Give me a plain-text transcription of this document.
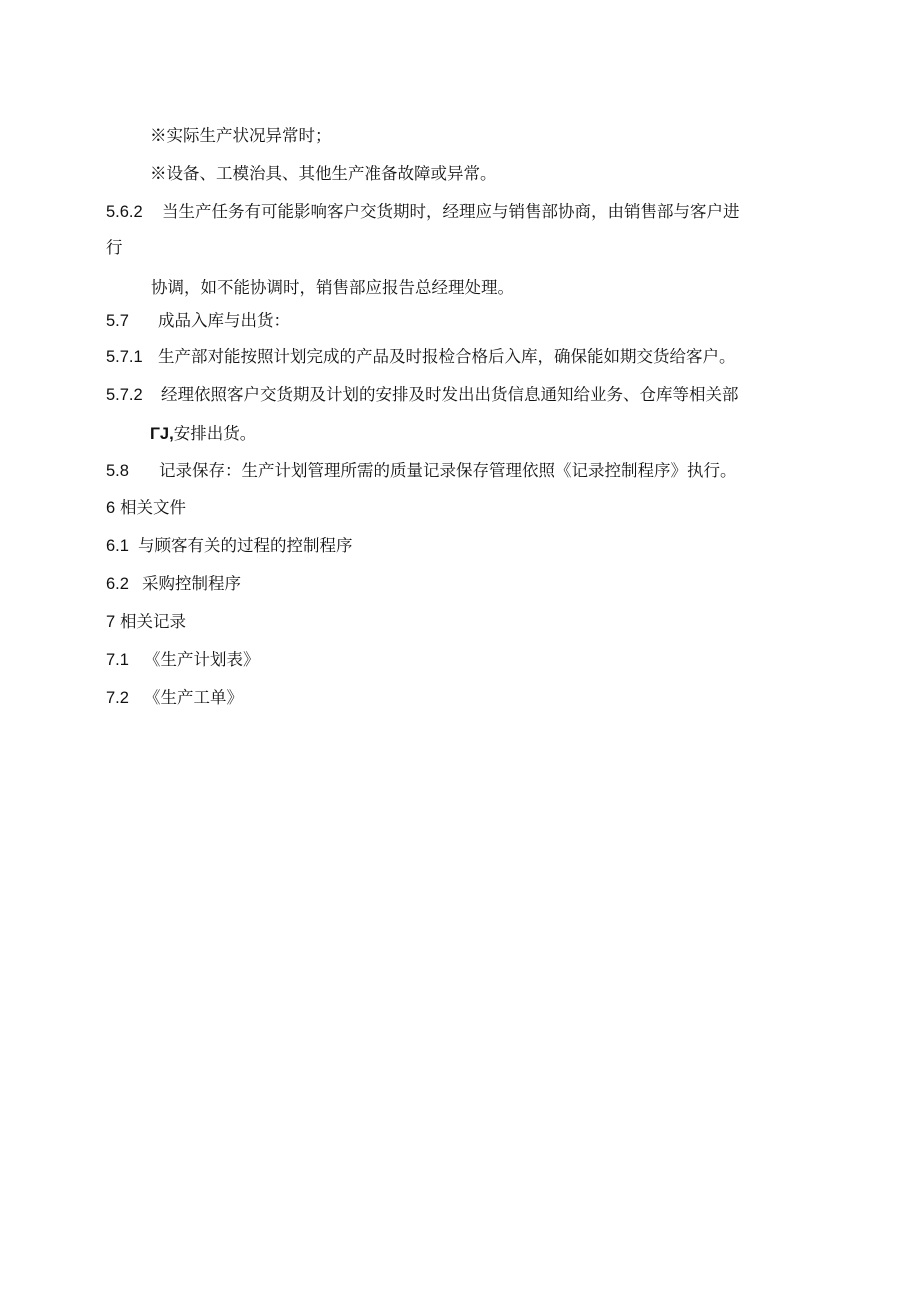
※实际生产状况异常时；
※设备、工模治具、其他生产准备故障或异常。
5.6.2 当生产任务有可能影响客户交货期时，经理应与销售部协商，由销售部与客户进
行
协调，如不能协调时，销售部应报告总经理处理。
5.7 成品入库与出货：
5.7.1 生产部对能按照计划完成的产品及时报检合格后入库，确保能如期交货给客户。
5.7.2 经理依照客户交货期及计划的安排及时发出出货信息通知给业务、仓库等相关部
ΓJ,安排出货。
5.8 记录保存：生产计划管理所需的质量记录保存管理依照《记录控制程序》执行。
6 相关文件
6.1 与顾客有关的过程的控制程序
6.2 采购控制程序
7 相关记录
7.1 《生产计划表》
7.2 《生产工单》
